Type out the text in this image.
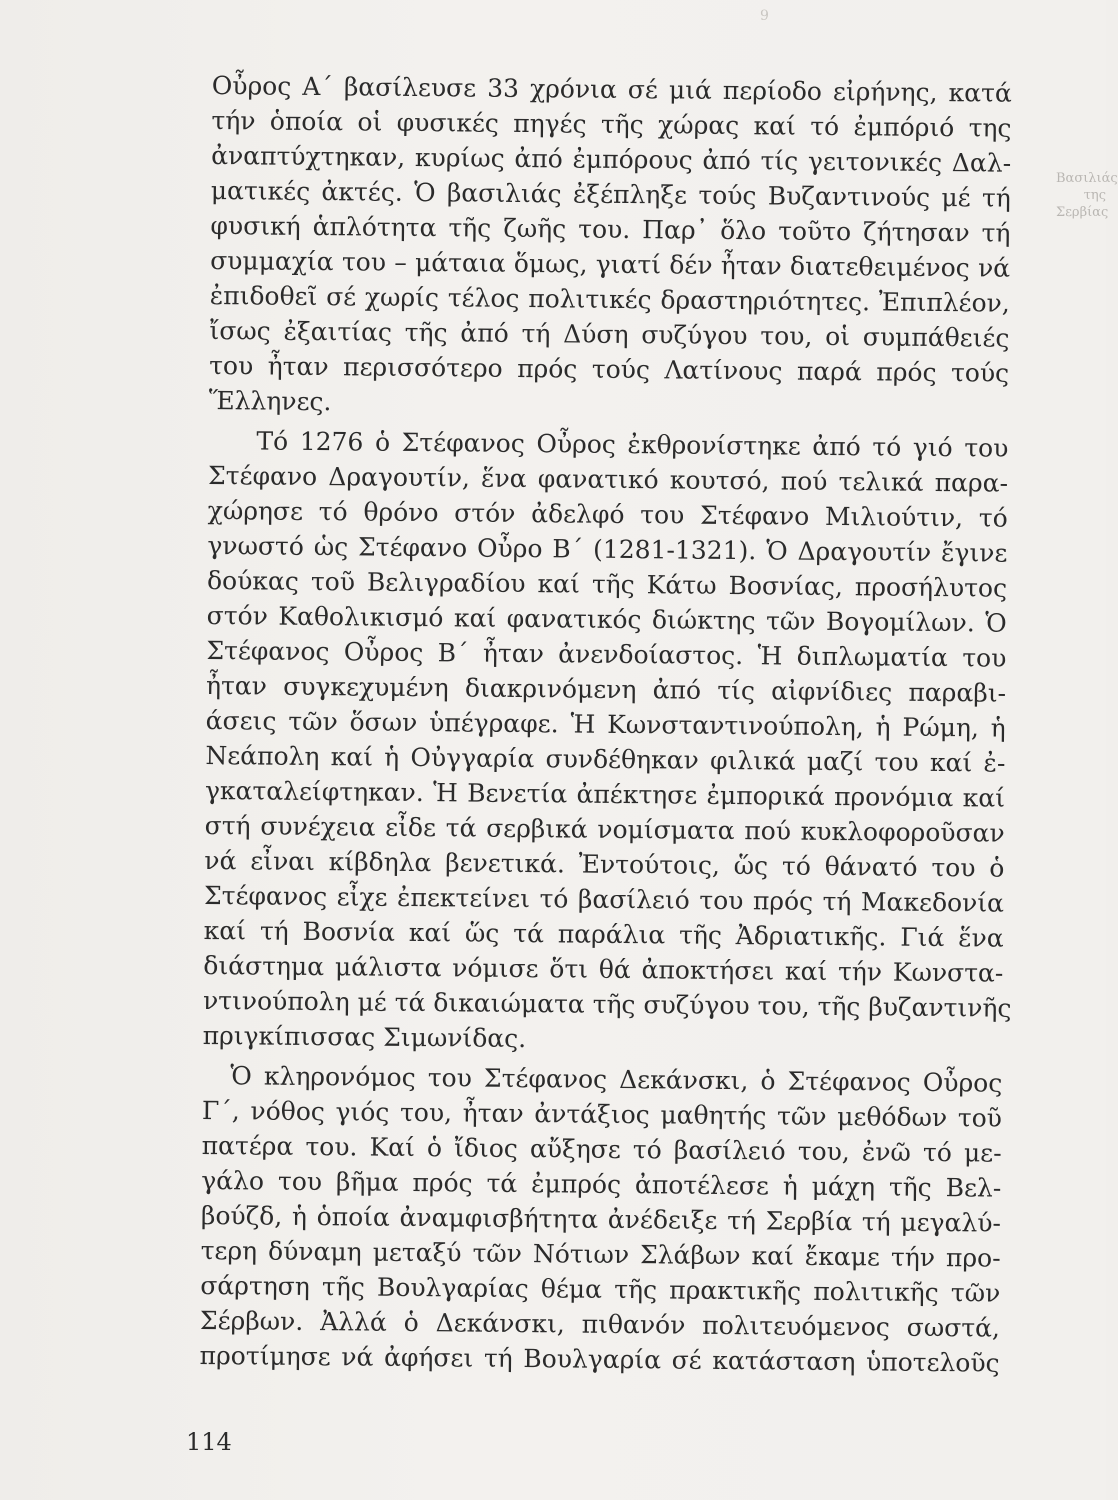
9
Βασιλιάς
της Σερβίας

Οὖρος Α΄ βασίλευσε 33 χρόνια σέ μιά περίοδο εἰρήνης, κατά
τήν ὁποία οἱ φυσικές πηγές τῆς χώρας καί τό ἐμπόριό της
ἀναπτύχτηκαν, κυρίως ἀπό ἐμπόρους ἀπό τίς γειτονικές Δαλ-
ματικές ἀκτές. Ὁ βασιλιάς ἐξέπληξε τούς Βυζαντινούς μέ τή
φυσική ἁπλότητα τῆς ζωῆς του. Παρ᾿ ὅλο τοῦτο ζήτησαν τή
συμμαχία του – μάταια ὅμως, γιατί δέν ἦταν διατεθειμένος νά
ἐπιδοθεῖ σέ χωρίς τέλος πολιτικές δραστηριότητες. Ἐπιπλέον,
ἴσως ἐξαιτίας τῆς ἀπό τή Δύση συζύγου του, οἱ συμπάθειές
του ἦταν περισσότερο πρός τούς Λατίνους παρά πρός τούς
Ἕλληνες.

Τό 1276 ὁ Στέφανος Οὖρος ἐκθρονίστηκε ἀπό τό γιό του
Στέφανο Δραγουτίν, ἕνα φανατικό κουτσό, πού τελικά παρα-
χώρησε τό θρόνο στόν ἀδελφό του Στέφανο Μιλιούτιν, τό
γνωστό ὡς Στέφανο Οὖρο Β΄ (1281-1321). Ὁ Δραγουτίν ἔγινε
δούκας τοῦ Βελιγραδίου καί τῆς Κάτω Βοσνίας, προσήλυτος
στόν Καθολικισμό καί φανατικός διώκτης τῶν Βογομίλων. Ὁ
Στέφανος Οὖρος Β΄ ἦταν ἀνενδοίαστος. Ἡ διπλωματία του
ἦταν συγκεχυμένη διακρινόμενη ἀπό τίς αἰφνίδιες παραβι-
άσεις τῶν ὅσων ὑπέγραφε. Ἡ Κωνσταντινούπολη, ἡ Ρώμη, ἡ
Νεάπολη καί ἡ Οὐγγαρία συνδέθηκαν φιλικά μαζί του καί ἐ-
γκαταλείφτηκαν. Ἡ Βενετία ἀπέκτησε ἐμπορικά προνόμια καί
στή συνέχεια εἶδε τά σερβικά νομίσματα πού κυκλοφοροῦσαν
νά εἶναι κίβδηλα βενετικά. Ἐντούτοις, ὥς τό θάνατό του ὁ
Στέφανος εἶχε ἐπεκτείνει τό βασίλειό του πρός τή Μακεδονία
καί τή Βοσνία καί ὥς τά παράλια τῆς Ἀδριατικῆς. Γιά ἕνα
διάστημα μάλιστα νόμισε ὅτι θά ἀποκτήσει καί τήν Κωνστα-
ντινούπολη μέ τά δικαιώματα τῆς συζύγου του, τῆς βυζαντινῆς
πριγκίπισσας Σιμωνίδας.

Ὁ κληρονόμος του Στέφανος Δεκάνσκι, ὁ Στέφανος Οὖρος
Γ΄, νόθος γιός του, ἦταν ἀντάξιος μαθητής τῶν μεθόδων τοῦ
πατέρα του. Καί ὁ ἴδιος αὔξησε τό βασίλειό του, ἐνῶ τό με-
γάλο του βῆμα πρός τά ἐμπρός ἀποτέλεσε ἡ μάχη τῆς Βελ-
βούζδ, ἡ ὁποία ἀναμφισβήτητα ἀνέδειξε τή Σερβία τή μεγαλύ-
τερη δύναμη μεταξύ τῶν Νότιων Σλάβων καί ἔκαμε τήν προ-
σάρτηση τῆς Βουλγαρίας θέμα τῆς πρακτικῆς πολιτικῆς τῶν
Σέρβων. Ἀλλά ὁ Δεκάνσκι, πιθανόν πολιτευόμενος σωστά,
προτίμησε νά ἀφήσει τή Βουλγαρία σέ κατάσταση ὑποτελοῦς

114
